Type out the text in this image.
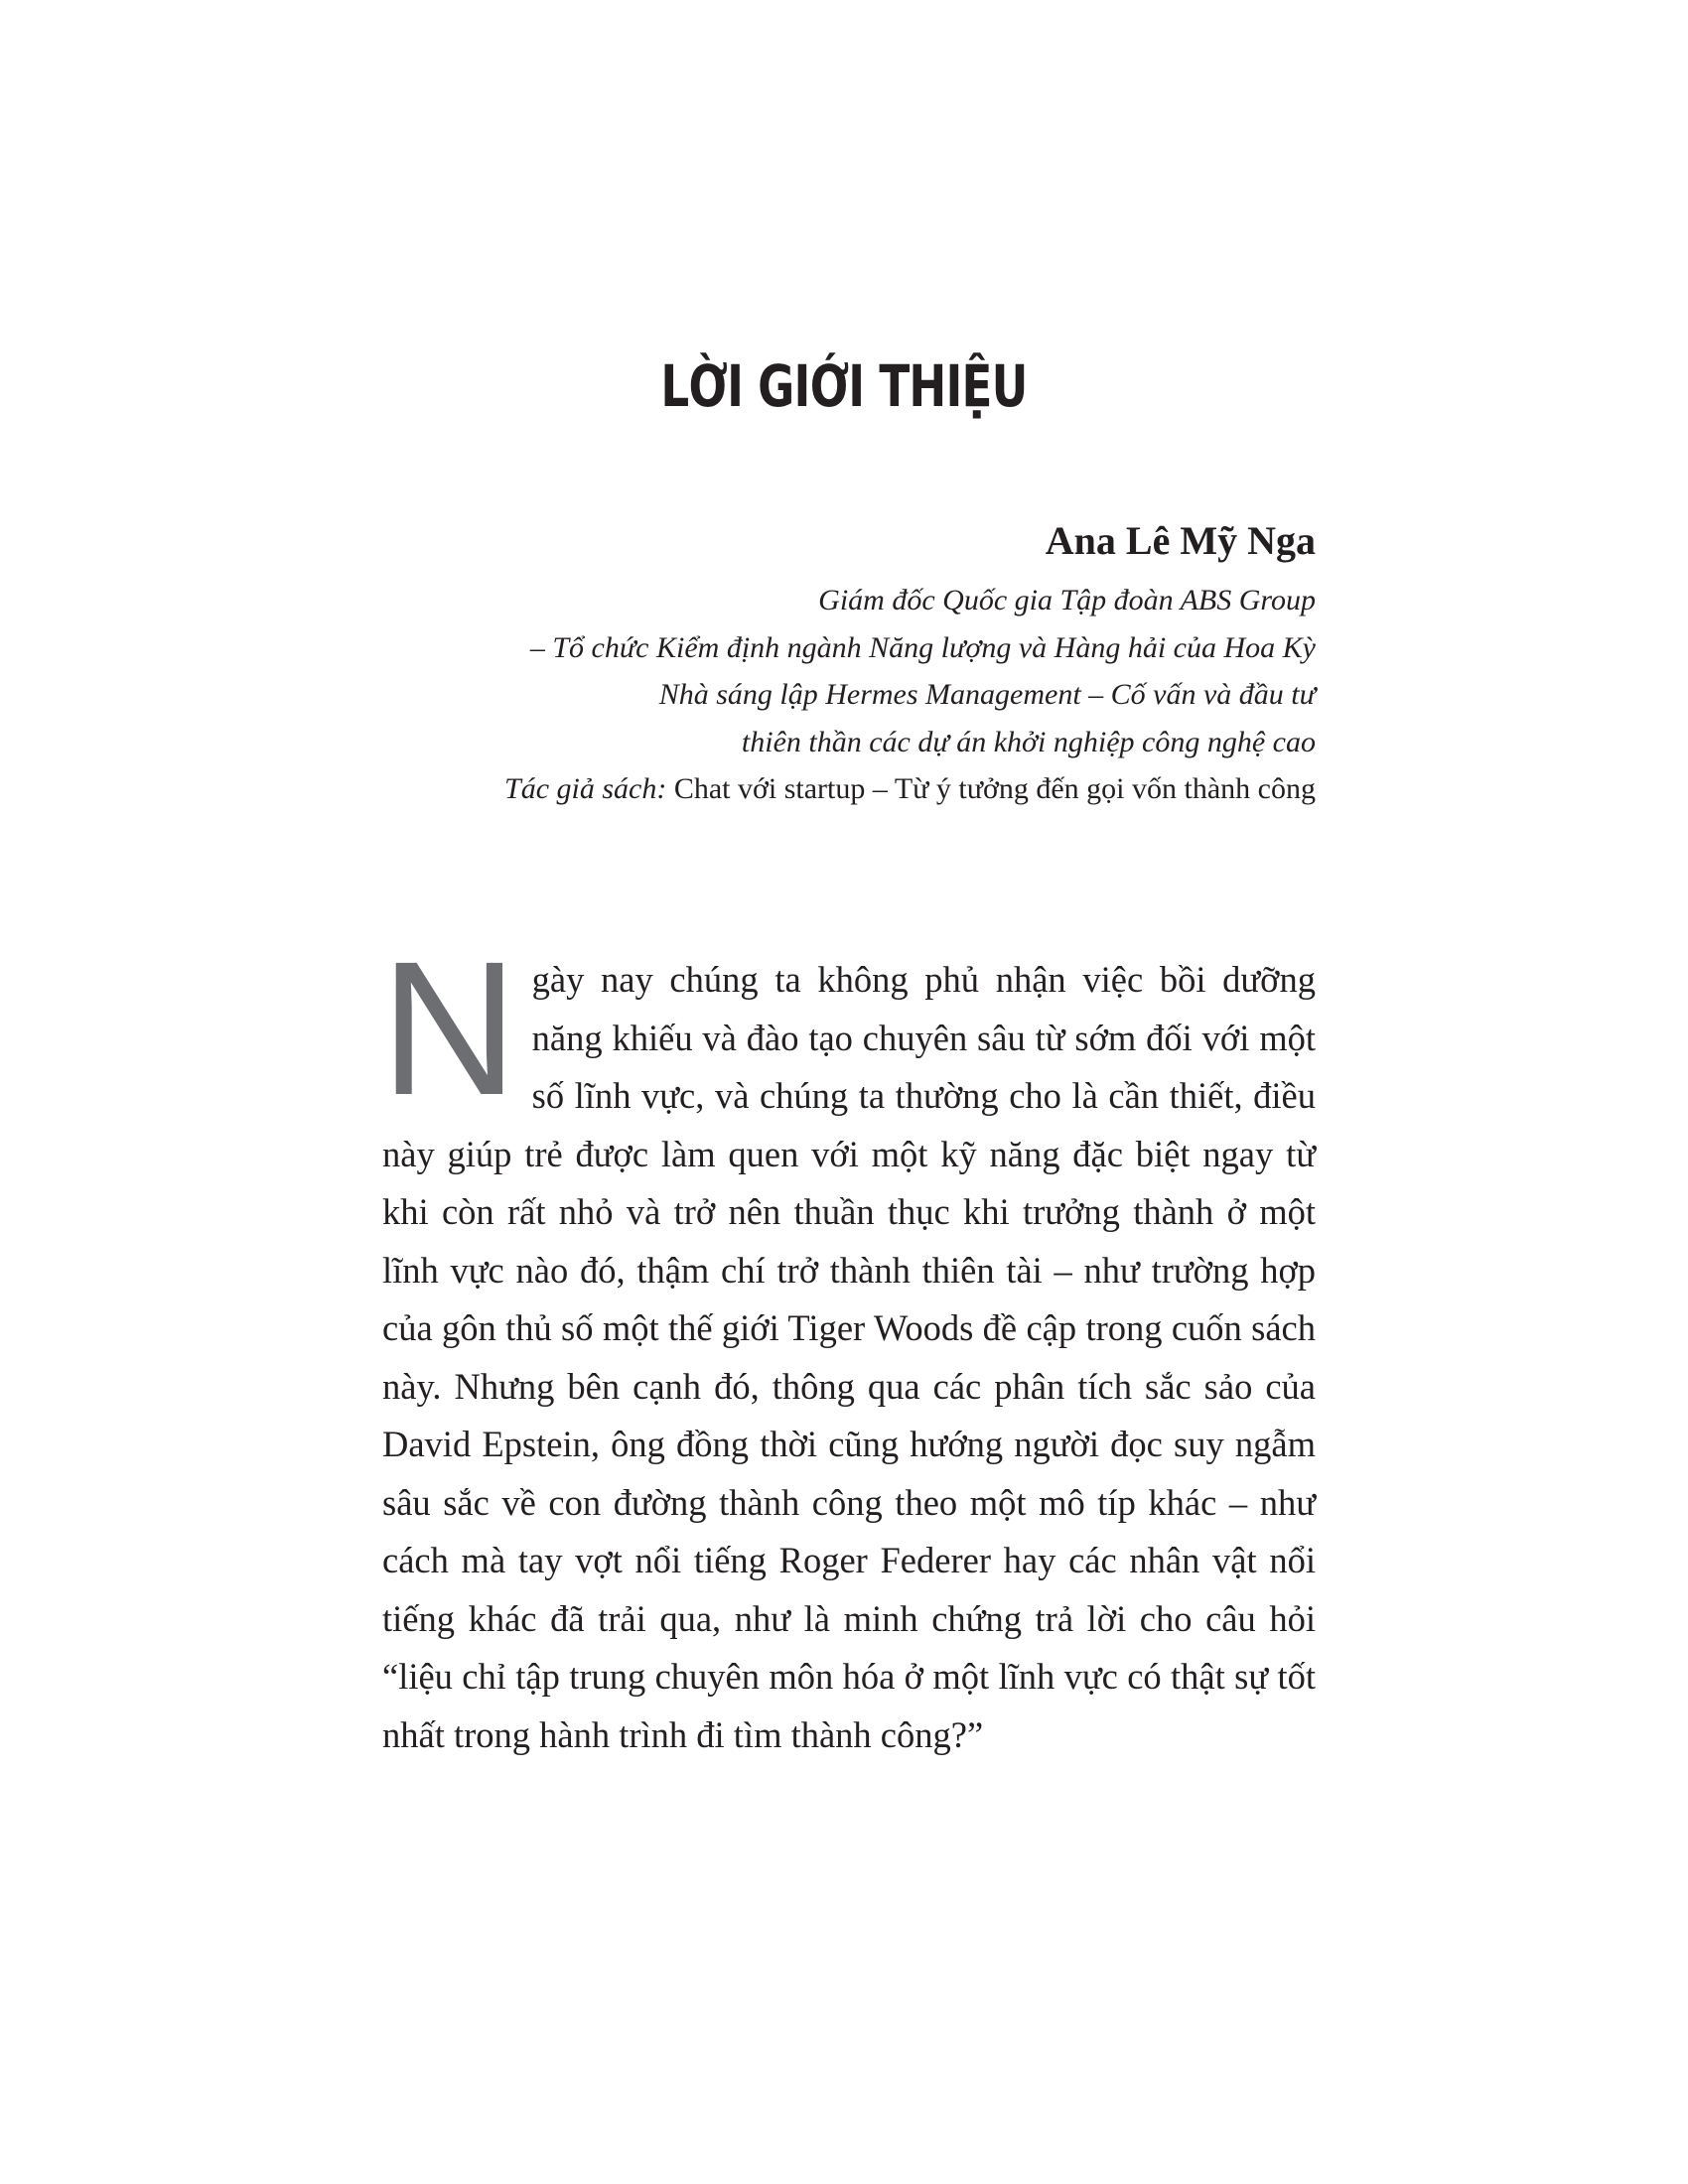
LỜI GIỚI THIỆU
Ana Lê Mỹ Nga
Giám đốc Quốc gia Tập đoàn ABS Group
– Tổ chức Kiểm định ngành Năng lượng và Hàng hải của Hoa Kỳ
Nhà sáng lập Hermes Management – Cố vấn và đầu tư
thiên thần các dự án khởi nghiệp công nghệ cao
Tác giả sách: Chat với startup – Từ ý tưởng đến gọi vốn thành công

Ngày nay chúng ta không phủ nhận việc bồi dưỡng năng khiếu và đào tạo chuyên sâu từ sớm đối với một số lĩnh vực, và chúng ta thường cho là cần thiết, điều này giúp trẻ được làm quen với một kỹ năng đặc biệt ngay từ khi còn rất nhỏ và trở nên thuần thục khi trưởng thành ở một lĩnh vực nào đó, thậm chí trở thành thiên tài – như trường hợp của gôn thủ số một thế giới Tiger Woods đề cập trong cuốn sách này. Nhưng bên cạnh đó, thông qua các phân tích sắc sảo của David Epstein, ông đồng thời cũng hướng người đọc suy ngẫm sâu sắc về con đường thành công theo một mô típ khác – như cách mà tay vợt nổi tiếng Roger Federer hay các nhân vật nổi tiếng khác đã trải qua, như là minh chứng trả lời cho câu hỏi “liệu chỉ tập trung chuyên môn hóa ở một lĩnh vực có thật sự tốt nhất trong hành trình đi tìm thành công?”
